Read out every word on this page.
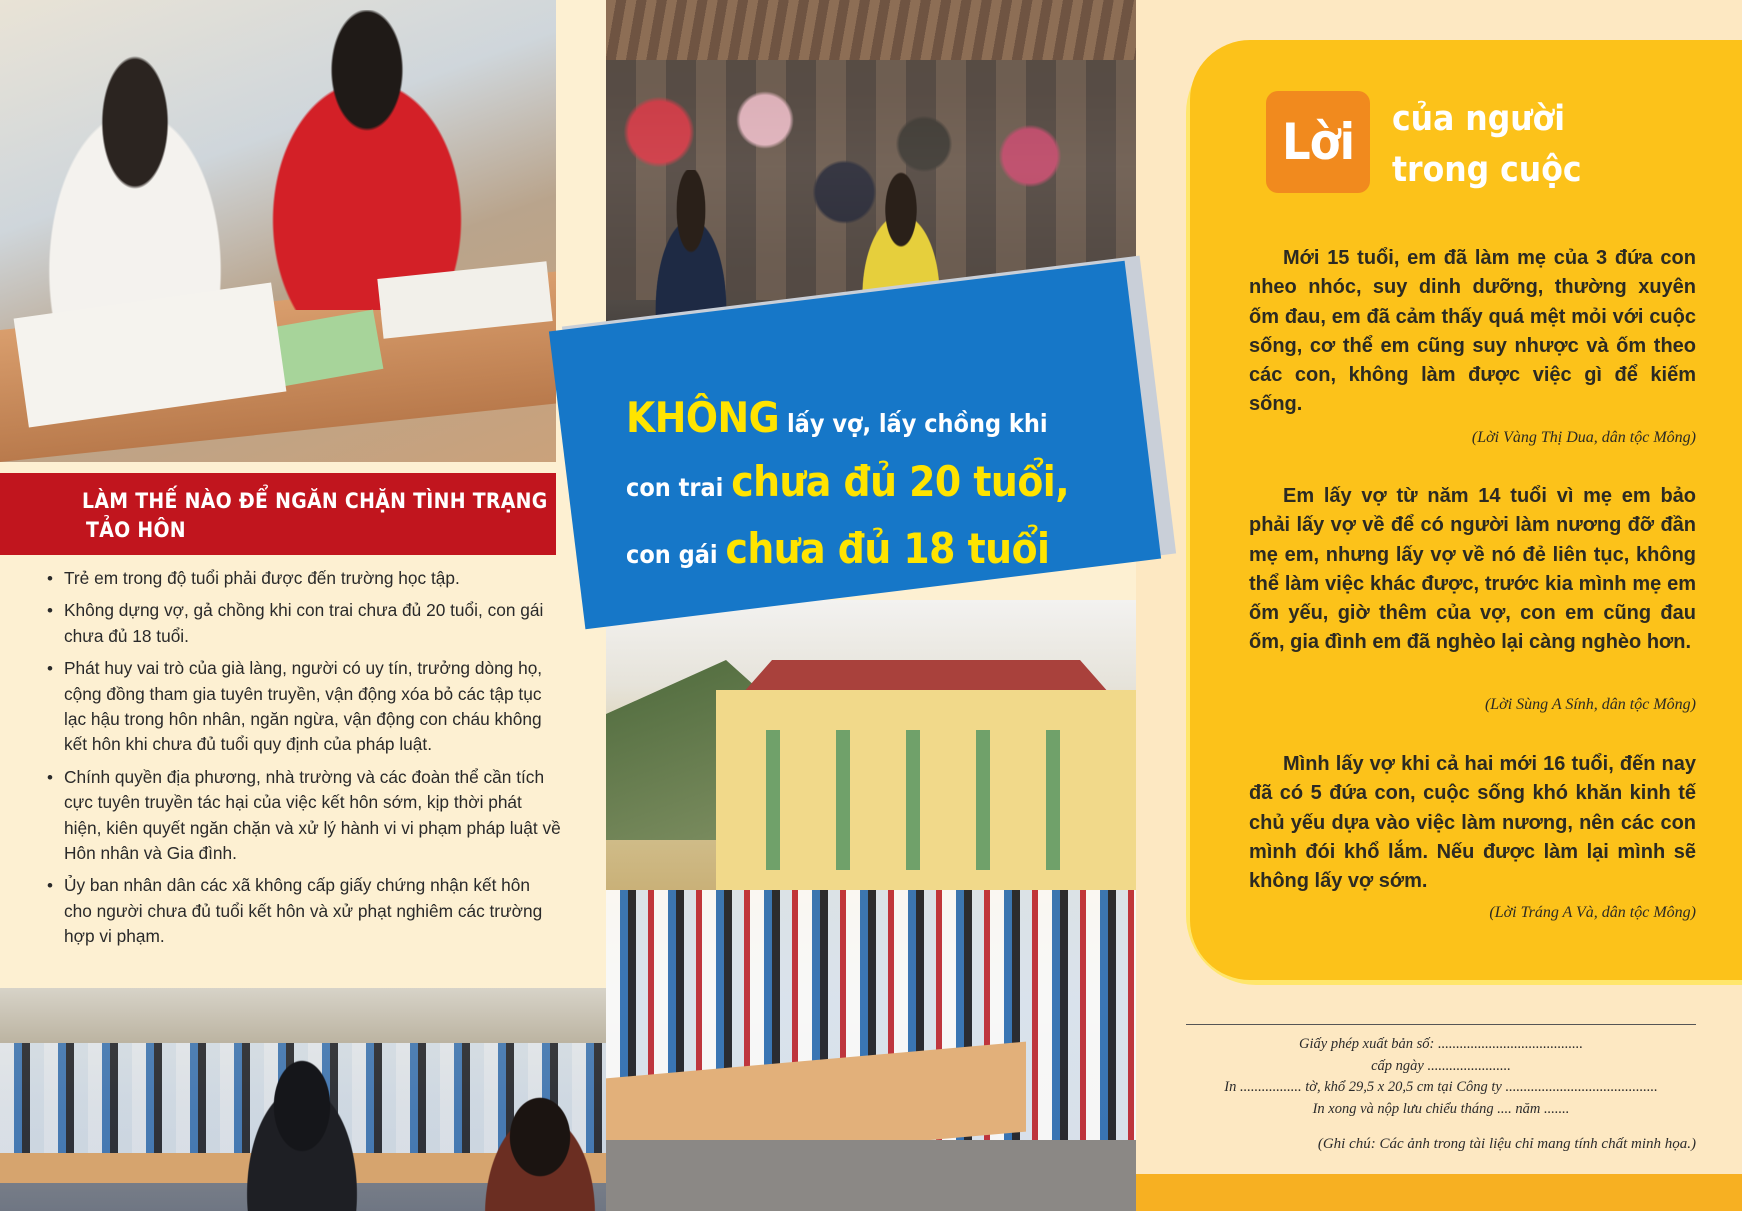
LÀM THẾ NÀO ĐỂ NGĂN CHẶN TÌNH TRẠNG
TẢO HÔN
• Trẻ em trong độ tuổi phải được đến trường học tập.
• Không dựng vợ, gả chồng khi con trai chưa đủ 20 tuổi, con gái chưa đủ 18 tuổi.
• Phát huy vai trò của già làng, người có uy tín, trưởng dòng họ, cộng đồng tham gia tuyên truyền, vận động xóa bỏ các tập tục lạc hậu trong hôn nhân, ngăn ngừa, vận động con cháu không kết hôn khi chưa đủ tuổi quy định của pháp luật.
• Chính quyền địa phương, nhà trường và các đoàn thể cần tích cực tuyên truyền tác hại của việc kết hôn sớm, kịp thời phát hiện, kiên quyết ngăn chặn và xử lý hành vi vi phạm pháp luật về Hôn nhân và Gia đình.
• Ủy ban nhân dân các xã không cấp giấy chứng nhận kết hôn cho người chưa đủ tuổi kết hôn và xử phạt nghiêm các trường hợp vi phạm.
KHÔNG lấy vợ, lấy chồng khi
con trai chưa đủ 20 tuổi,
con gái chưa đủ 18 tuổi
Lời	của người
trong cuộc

Mới 15 tuổi, em đã làm mẹ của 3 đứa con nheo nhóc, suy dinh dưỡng, thường xuyên ốm đau, em đã cảm thấy quá mệt mỏi với cuộc sống, cơ thể em cũng suy nhược và ốm theo các con, không làm được việc gì để kiếm sống.

(Lời Vàng Thị Dua, dân tộc Mông)

Em lấy vợ từ năm 14 tuổi vì mẹ em bảo phải lấy vợ về để có người làm nương đỡ đần mẹ em, nhưng lấy vợ về nó đẻ liên tục, không thể làm việc khác được, trước kia mình mẹ em ốm yếu, giờ thêm của vợ, con em cũng đau ốm, gia đình em đã nghèo lại càng nghèo hơn.

(Lời Sùng A Sính, dân tộc Mông)

Mình lấy vợ khi cả hai mới 16 tuổi, đến nay đã có 5 đứa con, cuộc sống khó khăn kinh tế chủ yếu dựa vào việc làm nương, nên các con mình đói khổ lắm. Nếu được làm lại mình sẽ không lấy vợ sớm.

(Lời Tráng A Và, dân tộc Mông)
Giấy phép xuất bản số: ........................................
cấp ngày .......................
In ................. tờ, khổ 29,5 x 20,5 cm tại Công ty ..........................................
In xong và nộp lưu chiểu tháng .... năm .......
(Ghi chú: Các ảnh trong tài liệu chỉ mang tính chất minh họa.)
